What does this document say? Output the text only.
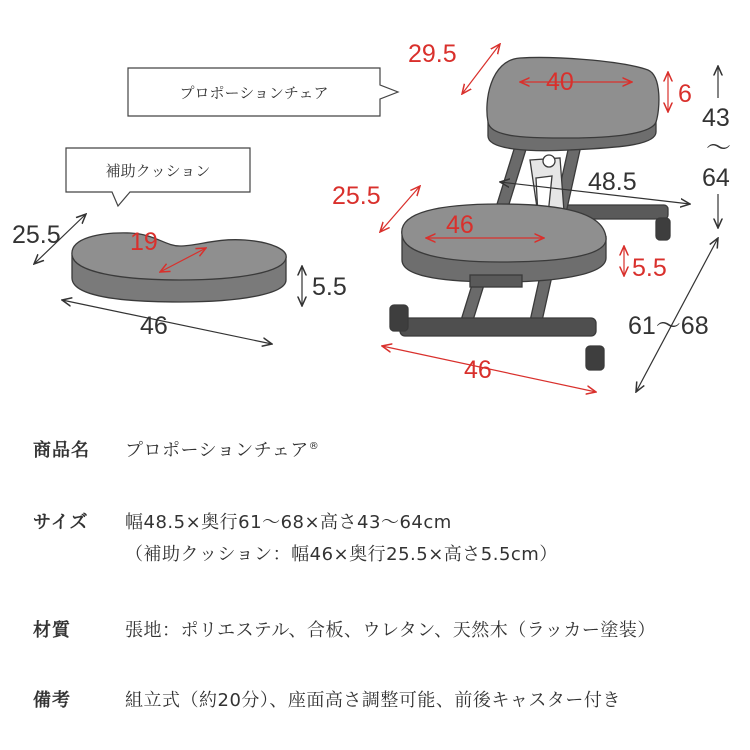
プロポーションチェア
補助クッション
25.5	19
5.5
46
29.5
40	6
43
〜
64
48.5
25.5
46
5.5
46
61〜68
商品名 プロポーションチェア®
サイズ 幅48.5×奥行61〜68×高さ43〜64cm
（補助クッション：幅46×奥行25.5×高さ5.5cm）
材質	張地：ポリエステル、合板、ウレタン、天然木（ラッカー塗装）
備考	組立式（約20分）、座面高さ調整可能、前後キャスター付き
